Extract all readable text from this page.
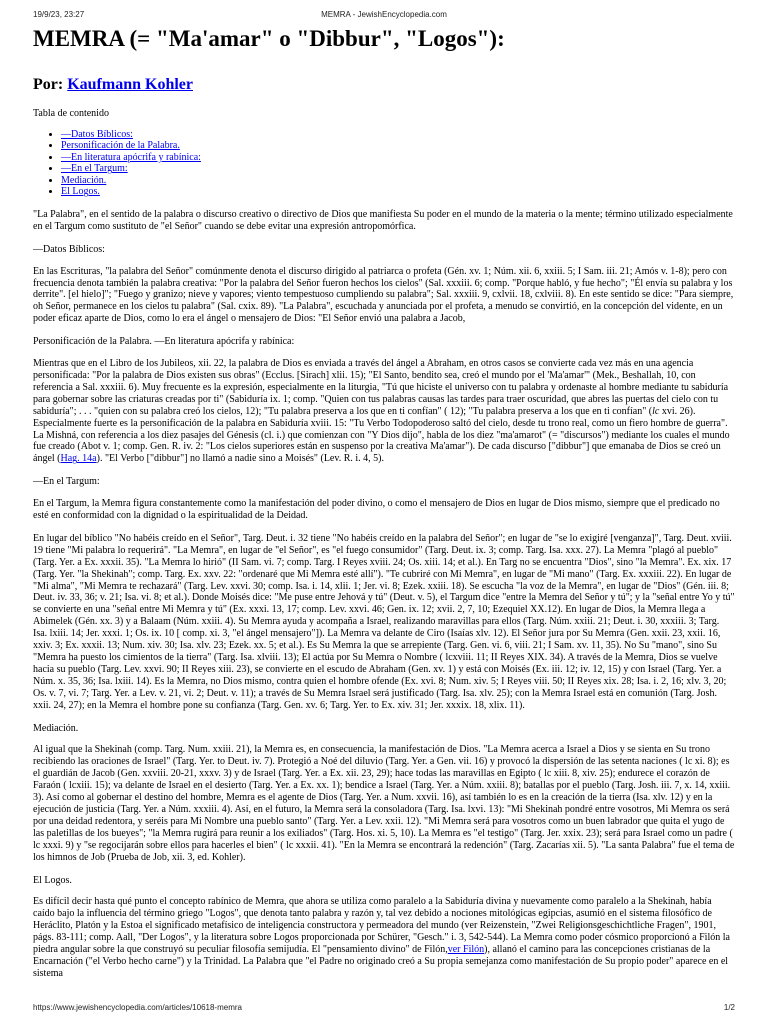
19/9/23, 23:27	MEMRA - JewishEncyclopedia.com
MEMRA (= "Ma'amar" o "Dibbur", "Logos"):
Por: Kaufmann Kohler
Tabla de contenido
• —Datos Bíblicos:
• Personificación de la Palabra.
• —En literatura apócrifa y rabínica:
• —En el Targum:
• Mediación.
• El Logos.

"La Palabra", en el sentido de la palabra o discurso creativo o directivo de Dios que manifiesta Su poder en el mundo de la materia o la mente; término utilizado especialmente en el Targum como sustituto de "el Señor" cuando se debe evitar una expresión antropomórfica.

—Datos Bíblicos:

En las Escrituras, "la palabra del Señor" comúnmente denota el discurso dirigido al patriarca o profeta (Gén. xv. 1; Núm. xii. 6, xxiii. 5; I Sam. iii. 21; Amós v. 1-8); pero con frecuencia denota también la palabra creativa: "Por la palabra del Señor fueron hechos los cielos" (Sal. xxxiii. 6; comp. "Porque habló, y fue hecho"; "Él envía su palabra y los derrite". [el hielo]"; "Fuego y granizo; nieve y vapores; viento tempestuoso cumpliendo su palabra"; Sal. xxxiii. 9, cxlvii. 18, cxlviii. 8). En este sentido se dice: "Para siempre, oh Señor, permanece en los cielos tu palabra" (Sal. cxix. 89). "La Palabra", escuchada y anunciada por el profeta, a menudo se convirtió, en la concepción del vidente, en un poder eficaz aparte de Dios, como lo era el ángel o mensajero de Dios: "El Señor envió una palabra a Jacob,

Personificación de la Palabra. —En literatura apócrifa y rabínica:

Mientras que en el Libro de los Jubileos, xii. 22, la palabra de Dios es enviada a través del ángel a Abraham, en otros casos se convierte cada vez más en una agencia personificada: "Por la palabra de Dios existen sus obras" (Ecclus. [Sirach] xlii. 15); "El Santo, bendito sea, creó el mundo por el 'Ma'amar'" (Mek., Beshallah, 10, con referencia a Sal. xxxiii. 6). Muy frecuente es la expresión, especialmente en la liturgia, "Tú que hiciste el universo con tu palabra y ordenaste al hombre mediante tu sabiduría para gobernar sobre las criaturas creadas por ti" (Sabiduría ix. 1; comp. "Quien con tus palabras causas las tardes para traer oscuridad, que abres las puertas del cielo con tu sabiduría"; . . . "quien con su palabra creó los cielos, 12); "Tu palabra preserva a los que en ti confían" ( 12); "Tu palabra preserva a los que en ti confían" (lc xvi. 26). Especialmente fuerte es la personificación de la palabra en Sabiduría xviii. 15: "Tu Verbo Todopoderoso saltó del cielo, desde tu trono real, como un fiero hombre de guerra". La Mishná, con referencia a los diez pasajes del Génesis (cl. i.) que comienzan con "Y Dios dijo", habla de los diez "ma'amarot" (= "discursos") mediante los cuales el mundo fue creado (Abot v. 1; comp. Gen. R. iv. 2: "Los cielos superiores están en suspenso por la creativa Ma'amar"). De cada discurso ["dibbur"] que emanaba de Dios se creó un ángel (Hag. 14a). "El Verbo ["dibbur"] no llamó a nadie sino a Moisés" (Lev. R. i. 4, 5).

—En el Targum:

En el Targum, la Memra figura constantemente como la manifestación del poder divino, o como el mensajero de Dios en lugar de Dios mismo, siempre que el predicado no esté en conformidad con la dignidad o la espiritualidad de la Deidad.

En lugar del bíblico "No habéis creído en el Señor", Targ. Deut. i. 32 tiene "No habéis creído en la palabra del Señor"; en lugar de "se lo exigiré [venganza]", Targ. Deut. xviii. 19 tiene "Mi palabra lo requerirá". "La Memra", en lugar de "el Señor", es "el fuego consumidor" (Targ. Deut. ix. 3; comp. Targ. Isa. xxx. 27). La Memra "plagó al pueblo" (Targ. Yer. a Ex. xxxii. 35). "La Memra lo hirió" (II Sam. vi. 7; comp. Targ. I Reyes xviii. 24; Os. xiii. 14; et al.). En Targ no se encuentra "Dios", sino "la Memra". Ex. xix. 17 (Targ. Yer. "la Shekinah"; comp. Targ. Ex. xxv. 22: "ordenaré que Mi Memra esté allí"). "Te cubriré con Mi Memra", en lugar de "Mi mano" (Targ. Ex. xxxiii. 22). En lugar de "Mi alma", "Mi Memra te rechazará" (Targ. Lev. xxvi. 30; comp. Isa. i. 14, xlii. 1; Jer. vi. 8; Ezek. xxiii. 18). Se escucha "la voz de la Memra", en lugar de "Dios" (Gén. iii. 8; Deut. iv. 33, 36; v. 21; Isa. vi. 8; et al.). Donde Moisés dice: "Me puse entre Jehová y tú" (Deut. v. 5), el Targum dice "entre la Memra del Señor y tú"; y la "señal entre Yo y tú" se convierte en una "señal entre Mi Memra y tú" (Ex. xxxi. 13, 17; comp. Lev. xxvi. 46; Gen. ix. 12; xvii. 2, 7, 10; Ezequiel XX.12). En lugar de Dios, la Memra llega a Abimelek (Gén. xx. 3) y a Balaam (Núm. xxiii. 4). Su Memra ayuda y acompaña a Israel, realizando maravillas para ellos (Targ. Núm. xxiii. 21; Deut. i. 30, xxxiii. 3; Targ. Isa. lxiii. 14; Jer. xxxi. 1; Os. ix. 10 [ comp. xi. 3, "el ángel mensajero"]). La Memra va delante de Ciro (Isaías xlv. 12). El Señor jura por Su Memra (Gen. xxii. 23, xxii. 16, xxiv. 3; Ex. xxxii. 13; Num. xiv. 30; Isa. xlv. 23; Ezek. xx. 5; et al.). Es Su Memra la que se arrepiente (Targ. Gen. vi. 6, viii. 21; I Sam. xv. 11, 35). No Su "mano", sino Su "Memra ha puesto los cimientos de la tierra" (Targ. Isa. xlviii. 13); El actúa por Su Memra o Nombre ( lcxviii. 11; II Reyes XIX. 34). A través de la Memra, Dios se vuelve hacia su pueblo (Targ. Lev. xxvi. 90; II Reyes xiii. 23), se convierte en el escudo de Abraham (Gen. xv. 1) y está con Moisés (Ex. iii. 12; iv. 12, 15) y con Israel (Targ. Yer. a Núm. x. 35, 36; Isa. lxiii. 14). Es la Memra, no Dios mismo, contra quien el hombre ofende (Ex. xvi. 8; Num. xiv. 5; I Reyes viii. 50; II Reyes xix. 28; Isa. i. 2, 16; xlv. 3, 20; Os. v. 7, vi. 7; Targ. Yer. a Lev. v. 21, vi. 2; Deut. v. 11); a través de Su Memra Israel será justificado (Targ. Isa. xlv. 25); con la Memra Israel está en comunión (Targ. Josh. xxii. 24, 27); en la Memra el hombre pone su confianza (Targ. Gen. xv. 6; Targ. Yer. to Ex. xiv. 31; Jer. xxxix. 18, xlix. 11).

Mediación.

Al igual que la Shekinah (comp. Targ. Num. xxiii. 21), la Memra es, en consecuencia, la manifestación de Dios. "La Memra acerca a Israel a Dios y se sienta en Su trono recibiendo las oraciones de Israel" (Targ. Yer. to Deut. iv. 7). Protegió a Noé del diluvio (Targ. Yer. a Gen. vii. 16) y provocó la dispersión de las setenta naciones ( lc xi. 8); es el guardián de Jacob (Gen. xxviii. 20-21, xxxv. 3) y de Israel (Targ. Yer. a Ex. xii. 23, 29); hace todas las maravillas en Egipto ( lc xiii. 8, xiv. 25); endurece el corazón de Faraón ( lcxiii. 15); va delante de Israel en el desierto (Targ. Yer. a Ex. xx. 1); bendice a Israel (Targ. Yer. a Núm. xxiii. 8); batallas por el pueblo (Targ. Josh. iii. 7, x. 14, xxiii. 3). Así como al gobernar el destino del hombre, Memra es el agente de Dios (Targ. Yer. a Num. xxvii. 16), así también lo es en la creación de la tierra (Isa. xlv. 12) y en la ejecución de justicia (Targ. Yer. a Núm. xxxiii. 4). Así, en el futuro, la Memra será la consoladora (Targ. Isa. lxvi. 13): "Mi Shekinah pondré entre vosotros, Mi Memra os será por una deidad redentora, y seréis para Mi Nombre una pueblo santo" (Targ. Yer. a Lev. xxii. 12). "Mi Memra será para vosotros como un buen labrador que quita el yugo de las paletillas de los bueyes"; "la Memra rugirá para reunir a los exiliados" (Targ. Hos. xi. 5, 10). La Memra es "el testigo" (Targ. Jer. xxix. 23); será para Israel como un padre ( lc xxxi. 9) y "se regocijarán sobre ellos para hacerles el bien" ( lc xxxii. 41). "En la Memra se encontrará la redención" (Targ. Zacarías xii. 5). "La santa Palabra" fue el tema de los himnos de Job (Prueba de Job, xii. 3, ed. Kohler).

El Logos.

Es difícil decir hasta qué punto el concepto rabínico de Memra, que ahora se utiliza como paralelo a la Sabiduría divina y nuevamente como paralelo a la Shekinah, había caído bajo la influencia del término griego "Logos", que denota tanto palabra y razón y, tal vez debido a nociones mitológicas egipcias, asumió en el sistema filosófico de Heráclito, Platón y la Estoa el significado metafísico de inteligencia constructora y permeadora del mundo (ver Reizenstein, "Zwei Religionsgeschichtliche Fragen", 1901, págs. 83-111; comp. Aall, "Der Logos", y la literatura sobre Logos proporcionada por Schürer, "Gesch." i. 3, 542-544). La Memra como poder cósmico proporcionó a Filón la piedra angular sobre la que construyó su peculiar filosofía semijudía. El "pensamiento divino" de Filón,ver Filón), allanó el camino para las concepciones cristianas de la Encarnación ("el Verbo hecho carne") y la Trinidad. La Palabra que "el Padre no originado creó a Su propia semejanza como manifestación de Su propio poder" aparece en el sistema

https://www.jewishencyclopedia.com/articles/10618-memra	1/2
